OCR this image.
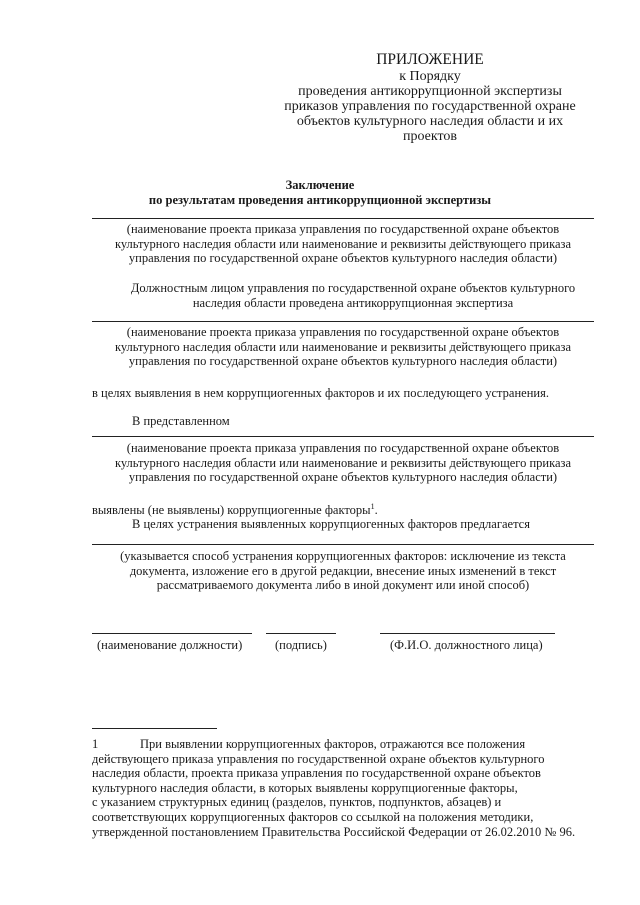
ПРИЛОЖЕНИЕ
к Порядку
проведения антикоррупционной экспертизы
приказов управления по государственной охране
объектов культурного наследия области и их
проектов
Заключение
по результатам проведения антикоррупционной экспертизы
(наименование проекта приказа управления по государственной охране объектов
культурного наследия области или наименование и реквизиты действующего приказа
управления по государственной охране объектов культурного наследия области)
Должностным лицом управления по государственной охране объектов культурного
наследия области проведена антикоррупционная экспертиза
(наименование проекта приказа управления по государственной охране объектов
культурного наследия области или наименование и реквизиты действующего приказа
управления по государственной охране объектов культурного наследия области)
в целях выявления в нем коррупциогенных факторов и их последующего устранения.
В представленном
(наименование проекта приказа управления по государственной охране объектов
культурного наследия области или наименование и реквизиты действующего приказа
управления по государственной охране объектов культурного наследия области)
выявлены (не выявлены) коррупциогенные факторы$^1$.
В целях устранения выявленных коррупциогенных факторов предлагается
(указывается способ устранения коррупциогенных факторов: исключение из текста
документа, изложение его в другой редакции, внесение иных изменений в текст
рассматриваемого документа либо в иной документ или иной способ)
(наименование должности)	(подпись)	(Ф.И.О. должностного лица)
1	При выявлении коррупциогенных факторов, отражаются все положения
действующего приказа управления по государственной охране объектов культурного
наследия области, проекта приказа управления по государственной охране объектов
культурного наследия области, в которых выявлены коррупциогенные факторы,
с указанием структурных единиц (разделов, пунктов, подпунктов, абзацев) и
соответствующих коррупциогенных факторов со ссылкой на положения методики,
утвержденной постановлением Правительства Российской Федерации от 26.02.2010 № 96.
